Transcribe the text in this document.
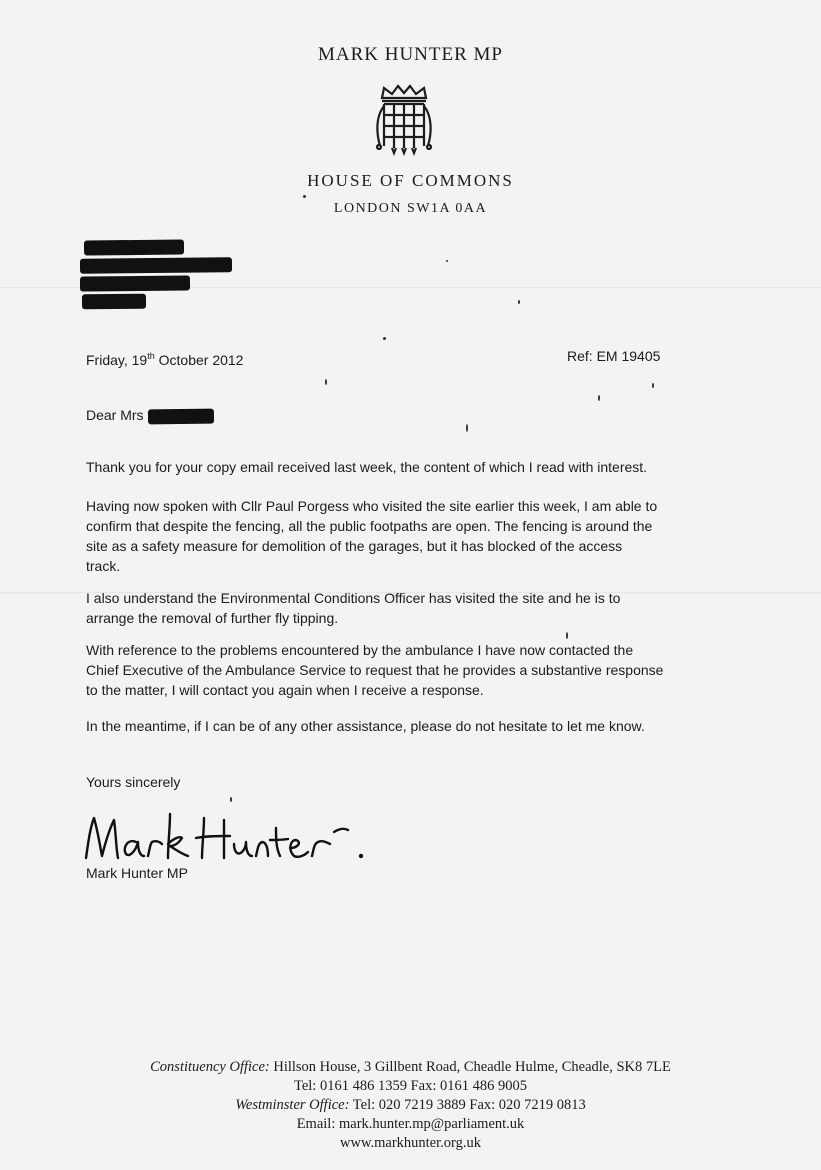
MARK HUNTER MP
HOUSE OF COMMONS
LONDON SW1A 0AA
Friday, 19th October 2012	Ref: EM 19405
Dear Mrs
Thank you for your copy email received last week, the content of which I read with interest.
Having now spoken with Cllr Paul Porgess who visited the site earlier this week, I am able to
confirm that despite the fencing, all the public footpaths are open. The fencing is around the
site as a safety measure for demolition of the garages, but it has blocked of the access
track.
I also understand the Environmental Conditions Officer has visited the site and he is to
arrange the removal of further fly tipping.
With reference to the problems encountered by the ambulance I have now contacted the
Chief Executive of the Ambulance Service to request that he provides a substantive response
to the matter, I will contact you again when I receive a response.
In the meantime, if I can be of any other assistance, please do not hesitate to let me know.
Yours sincerely
Mark Hunter MP
Constituency Office: Hillson House, 3 Gillbent Road, Cheadle Hulme, Cheadle, SK8 7LE
Tel: 0161 486 1359 Fax: 0161 486 9005
Westminster Office: Tel: 020 7219 3889 Fax: 020 7219 0813
Email: mark.hunter.mp@parliament.uk
www.markhunter.org.uk
